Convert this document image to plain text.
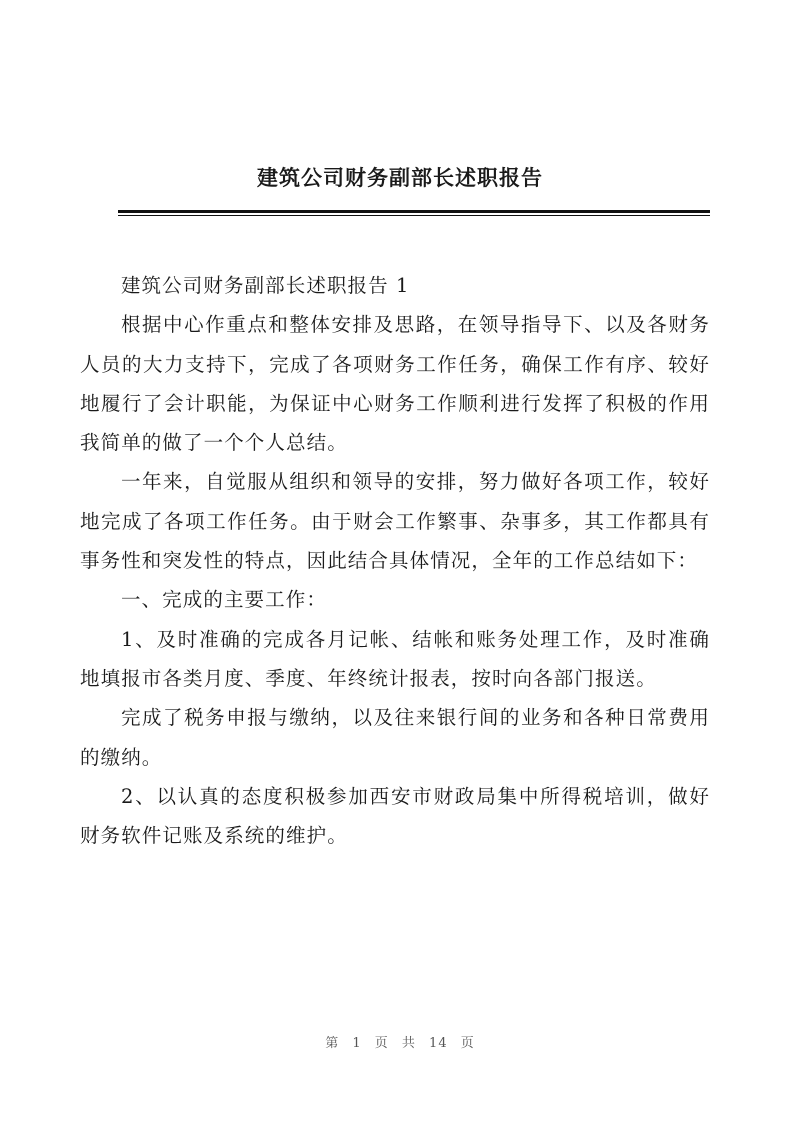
建筑公司财务副部长述职报告

建筑公司财务副部长述职报告 1

根据中心作重点和整体安排及思路，在领导指导下、以及各财务人员的大力支持下，完成了各项财务工作任务，确保工作有序、较好地履行了会计职能，为保证中心财务工作顺利进行发挥了积极的作用我简单的做了一个个人总结。

一年来，自觉服从组织和领导的安排，努力做好各项工作，较好地完成了各项工作任务。由于财会工作繁事、杂事多，其工作都具有事务性和突发性的特点，因此结合具体情况，全年的工作总结如下：

一、完成的主要工作：

1、及时准确的完成各月记帐、结帐和账务处理工作，及时准确地填报市各类月度、季度、年终统计报表，按时向各部门报送。

完成了税务申报与缴纳，以及往来银行间的业务和各种日常费用的缴纳。

2、以认真的态度积极参加西安市财政局集中所得税培训，做好财务软件记账及系统的维护。

第 1 页 共 14 页
